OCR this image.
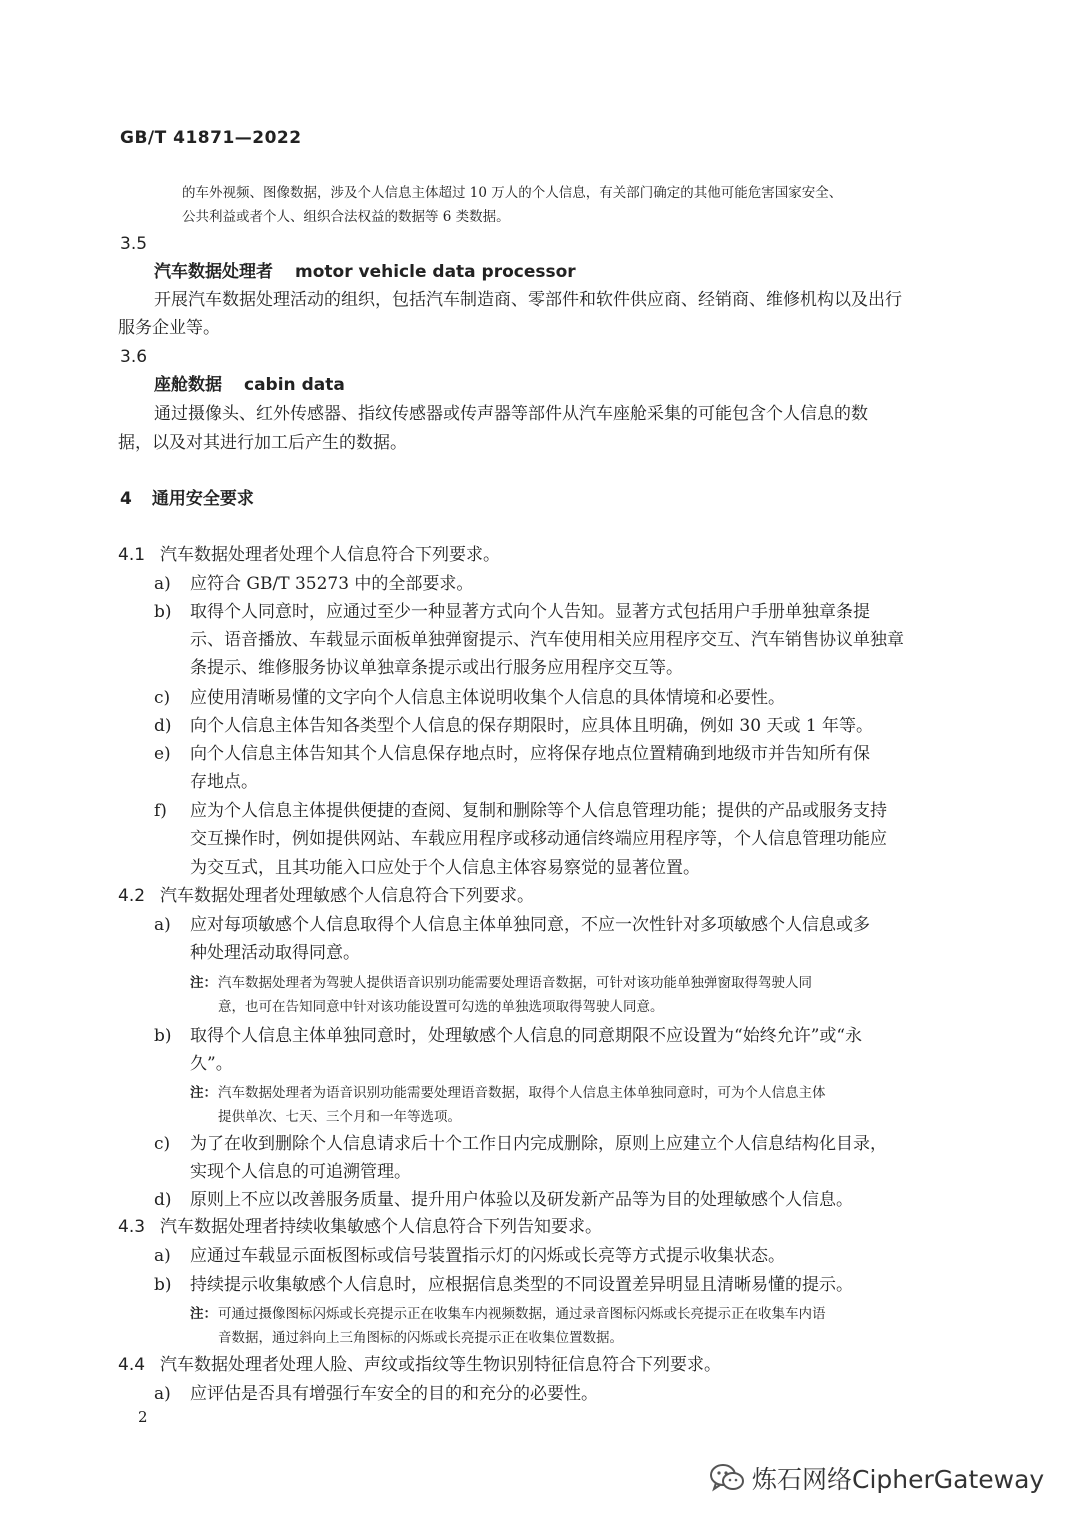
GB/T 41871—2022
的车外视频、图像数据，涉及个人信息主体超过 10 万人的个人信息，有关部门确定的其他可能危害国家安全、
公共利益或者个人、组织合法权益的数据等 6 类数据。
3.5
汽车数据处理者 motor vehicle data processor
开展汽车数据处理活动的组织，包括汽车制造商、零部件和软件供应商、经销商、维修机构以及出行
服务企业等。
3.6
座舱数据 cabin data
通过摄像头、红外传感器、指纹传感器或传声器等部件从汽车座舱采集的可能包含个人信息的数
据，以及对其进行加工后产生的数据。
4 通用安全要求
4.1 汽车数据处理者处理个人信息符合下列要求。
a) 应符合 GB/T 35273 中的全部要求。
b) 取得个人同意时，应通过至少一种显著方式向个人告知。显著方式包括用户手册单独章条提
示、语音播放、车载显示面板单独弹窗提示、汽车使用相关应用程序交互、汽车销售协议单独章
条提示、维修服务协议单独章条提示或出行服务应用程序交互等。
c) 应使用清晰易懂的文字向个人信息主体说明收集个人信息的具体情境和必要性。
d) 向个人信息主体告知各类型个人信息的保存期限时，应具体且明确，例如 30 天或 1 年等。
e) 向个人信息主体告知其个人信息保存地点时，应将保存地点位置精确到地级市并告知所有保
存地点。
f) 应为个人信息主体提供便捷的查阅、复制和删除等个人信息管理功能；提供的产品或服务支持
交互操作时，例如提供网站、车载应用程序或移动通信终端应用程序等，个人信息管理功能应
为交互式，且其功能入口应处于个人信息主体容易察觉的显著位置。
4.2 汽车数据处理者处理敏感个人信息符合下列要求。
a) 应对每项敏感个人信息取得个人信息主体单独同意，不应一次性针对多项敏感个人信息或多
种处理活动取得同意。
注： 汽车数据处理者为驾驶人提供语音识别功能需要处理语音数据，可针对该功能单独弹窗取得驾驶人同
意，也可在告知同意中针对该功能设置可勾选的单独选项取得驾驶人同意。
b) 取得个人信息主体单独同意时，处理敏感个人信息的同意期限不应设置为“始终允许”或“永
久”。
注： 汽车数据处理者为语音识别功能需要处理语音数据，取得个人信息主体单独同意时，可为个人信息主体
提供单次、七天、三个月和一年等选项。
c) 为了在收到删除个人信息请求后十个工作日内完成删除，原则上应建立个人信息结构化目录，
实现个人信息的可追溯管理。
d) 原则上不应以改善服务质量、提升用户体验以及研发新产品等为目的处理敏感个人信息。
4.3 汽车数据处理者持续收集敏感个人信息符合下列告知要求。
a) 应通过车载显示面板图标或信号装置指示灯的闪烁或长亮等方式提示收集状态。
b) 持续提示收集敏感个人信息时，应根据信息类型的不同设置差异明显且清晰易懂的提示。
注： 可通过摄像图标闪烁或长亮提示正在收集车内视频数据，通过录音图标闪烁或长亮提示正在收集车内语
音数据，通过斜向上三角图标的闪烁或长亮提示正在收集位置数据。
4.4 汽车数据处理者处理人脸、声纹或指纹等生物识别特征信息符合下列要求。
a) 应评估是否具有增强行车安全的目的和充分的必要性。
2
炼石网络CipherGateway
